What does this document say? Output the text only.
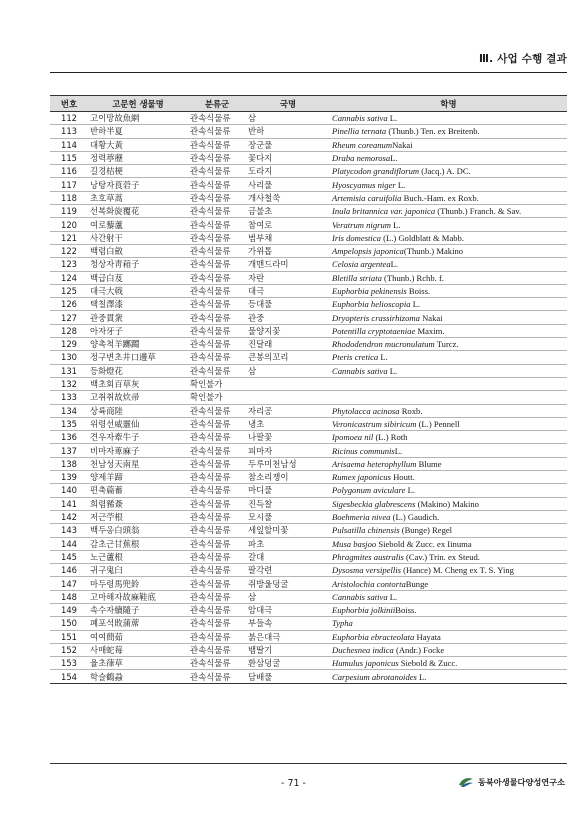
Ⅲ. 사업 수행 결과
번호	고문헌 생물명	분류군	국명	학명
112	고이망故魚網	관속식물류	삼	Cannabis sativa L.
113	반하半夏	관속식물류	반하	Pinellia ternata (Thunb.) Ten. ex Breitenb.
114	대황大黃	관속식물류	장군풀	Rheum coreanumNakai
115	정력葶藶	관속식물류	꽃다지	Draba nemorosaL.
116	길경桔梗	관속식물류	도라지	Platycodon grandiflorum (Jacq.) A. DC.
117	낭탕자莨菪子	관속식물류	사리풀	Hyoscyamus niger L.
118	초호草蒿	관속식물류	개사철쑥	Artemisia caruifolia Buch.-Ham. ex Roxb.
119	선복화旋覆花	관속식물류	금불초	Inula britannica var. japonica (Thunb.) Franch. & Sav.
120	여로藜蘆	관속식물류	참여로	Veratrum nigrum L.
121	사간射干	관속식물류	범부채	Iris domestica (L.) Goldblatt & Mabb.
122	백렴白斂	관속식물류	가위톱	Ampelopsis japonica(Thunb.) Makino
123	청상자靑葙子	관속식물류	개맨드라미	Celosia argenteaL.
124	백급白芨	관속식물류	자란	Bletilla striata (Thunb.) Rchb. f.
125	대극大戟	관속식물류	대극	Euphorbia pekinensis Boiss.
126	택칠澤漆	관속식물류	등대풀	Euphorbia helioscopia L.
127	관중貫衆	관속식물류	관중	Dryopteris crassirhizoma Nakai
128	아자牙子	관속식물류	물양지꽃	Potentilla cryptotaeniae Maxim.
129	양촉척羊躑躅	관속식물류	진달래	Rhododendron mucronulatum Turcz.
130	정구변초井口邊草	관속식물류	큰봉의꼬리	Pteris cretica L.
131	등화燈花	관속식물류	삼	Cannabis sativa L.
132	백초회百草灰	확인불가		
133	고취취故炊帚	확인불가		
134	상륙商陸	관속식물류	자리공	Phytolacca acinosa Roxb.
135	위령선威靈仙	관속식물류	냉초	Veronicastrum sibiricum (L.) Pennell
136	견우자牽牛子	관속식물류	나팔꽃	Ipomoea nil (L.) Roth
137	비마자萆麻子	관속식물류	피마자	Ricinus communisL.
138	천남성天南星	관속식물류	두루미천남성	Arisaema heterophyllum Blume
139	양제羊蹄	관속식물류	참소리쟁이	Rumex japonicus Houtt.
140	편축萹蓄	관속식물류	마디풀	Polygonum aviculare L.
141	희렴豨薟	관속식물류	진득찰	Sigesbeckia glabrescens (Makino) Makino
142	저근苧根	관속식물류	모시풀	Boehmeria nivea (L.) Gaudich.
143	백두옹白頭翁	관속식물류	세잎할미꽃	Pulsatilla chinensis (Bunge) Regel
144	감초근甘蕉根	관속식물류	파초	Musa basjoo Siebold & Zucc. ex Iinuma
145	노근蘆根	관속식물류	갈대	Phragmites australis (Cav.) Trin. ex Steud.
146	귀구鬼臼	관속식물류	팔각련	Dysosma versipellis (Hance) M. Cheng ex T. S. Ying
147	마두령馬兜鈴	관속식물류	쥐방울덩굴	Aristolochia contortaBunge
148	고마해자故麻鞋底	관속식물류	삼	Cannabis sativa L.
149	속수자續隨子	관속식물류	암대극	Euphorbia jolkiniiBoiss.
150	폐포석敗蒲蓆	관속식물류	부들속	Typha
151	여여蔄茹	관속식물류	붉은대극	Euphorbia ebracteolata Hayata
152	사매蛇莓	관속식물류	뱀딸기	Duchesnea indica (Andr.) Focke
153	율초葎草	관속식물류	환삼덩굴	Humulus japonicus Siebold & Zucc.
154	학슬鶴蝨	관속식물류	담배풀	Carpesium abrotanoides L.
- 71 -	동북아생물다양성연구소
